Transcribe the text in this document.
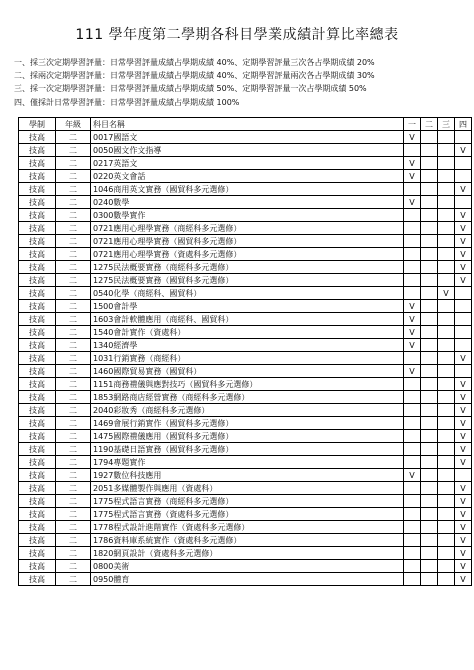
111 學年度第二學期各科目學業成績計算比率總表
一、採三次定期學習評量：日常學習評量成績占學期成績 40%、定期學習評量三次各占學期成績 20%
二、採兩次定期學習評量：日常學習評量成績占學期成績 40%、定期學習評量兩次各占學期成績 30%
三、採一次定期學習評量：日常學習評量成績占學期成績 50%、定期學習評量一次占學期成績 50%
四、僅採計日常學習評量：日常學習評量成績占學期成績 100%
學制	年級	科目名稱	一	二	三	四
技高	二	0017國語文	V			
技高	二	0050國文作文指導				V
技高	二	0217英語文	V			
技高	二	0220英文會話	V			
技高	二	1046商用英文實務（國貿科多元選修）				V
技高	二	0240數學	V			
技高	二	0300數學實作				V
技高	二	0721應用心理學實務（商經科多元選修）				V
技高	二	0721應用心理學實務（國貿科多元選修）				V
技高	二	0721應用心理學實務（資處科多元選修）				V
技高	二	1275民法概要實務（商經科多元選修）				V
技高	二	1275民法概要實務（國貿科多元選修）				V
技高	二	0540化學（商經科、國貿科）			V	
技高	二	1500會計學	V			
技高	二	1603會計軟體應用（商經科、國貿科）	V			
技高	二	1540會計實作（資處科）	V			
技高	二	1340經濟學	V			
技高	二	1031行銷實務（商經科）				V
技高	二	1460國際貿易實務（國貿科）	V			
技高	二	1151商務禮儀與應對技巧（國貿科多元選修）				V
技高	二	1853網路商店經營實務（商經科多元選修）				V
技高	二	2040彩妝秀（商經科多元選修）				V
技高	二	1469會展行銷實作（國貿科多元選修）				V
技高	二	1475國際禮儀應用（國貿科多元選修）				V
技高	二	1190基礎日語實務（國貿科多元選修）				V
技高	二	1794專題實作				V
技高	二	1927數位科技應用	V			
技高	二	2051多媒體製作與應用（資處科）				V
技高	二	1775程式語言實務（商經科多元選修）				V
技高	二	1775程式語言實務（資處科多元選修）				V
技高	二	1778程式設計進階實作（資處科多元選修）				V
技高	二	1786資料庫系統實作（資處科多元選修）				V
技高	二	1820網頁設計（資處科多元選修）				V
技高	二	0800美術				V
技高	二	0950體育				V
